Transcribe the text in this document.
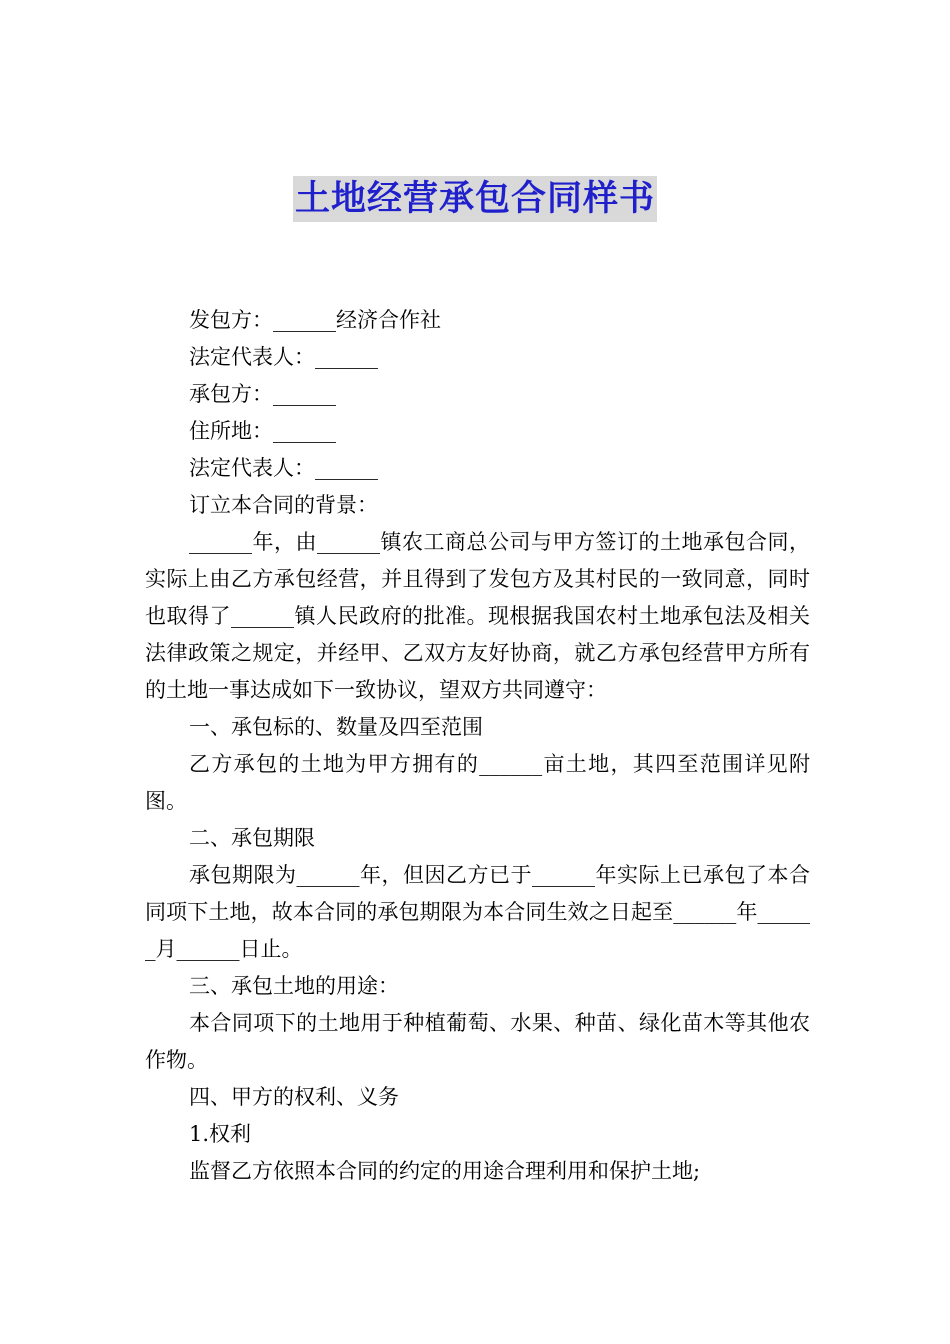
土地经营承包合同样书

发包方：______经济合作社

法定代表人：______

承包方：______

住所地：______

法定代表人：______

订立本合同的背景：

______年，由______镇农工商总公司与甲方签订的土地承包合同，实际上由乙方承包经营，并且得到了发包方及其村民的一致同意，同时也取得了______镇人民政府的批准。现根据我国农村土地承包法及相关法律政策之规定，并经甲、乙双方友好协商，就乙方承包经营甲方所有的土地一事达成如下一致协议，望双方共同遵守：

一、承包标的、数量及四至范围

乙方承包的土地为甲方拥有的______亩土地，其四至范围详见附图。

二、承包期限

承包期限为______年，但因乙方已于______年实际上已承包了本合同项下土地，故本合同的承包期限为本合同生效之日起至______年______月______日止。

三、承包土地的用途：

本合同项下的土地用于种植葡萄、水果、种苗、绿化苗木等其他农作物。

四、甲方的权利、义务

1.权利

监督乙方依照本合同的约定的用途合理利用和保护土地;
